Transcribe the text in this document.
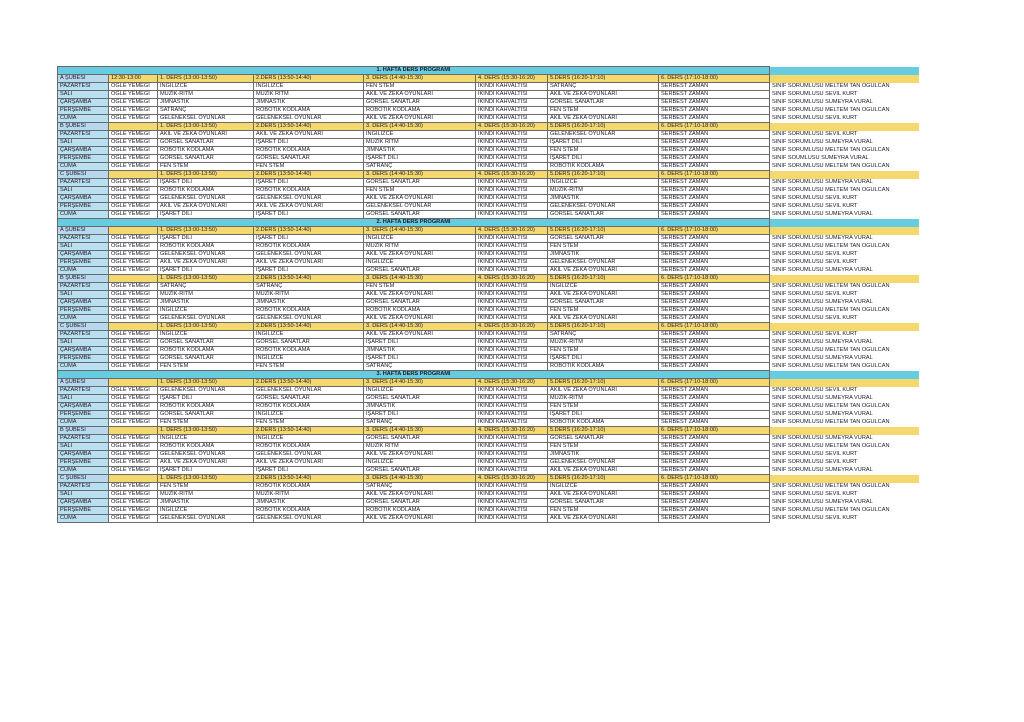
1. HAFTA DERS PROGRAMI								
A ŞUBESİ	12:30-13:00	1. DERS (13:00-13:50)	2.DERS (13:50-14:40)	3. DERS (14:40-15:30)	4. DERS (15:30-16:20)	5.DERS (16:20-17:10)	6. DERS (17:10-18:00)	
PAZARTESİ	ÖĞLE YEMEĞİ	İNGİLİZCE	İNGİLİZCE	FEN STEM	İKİNDİ KAHVALTISI	SATRANÇ	SERBEST ZAMAN	SINIF SORUMLUSU MELTEM TAN OĞULCAN
SALI	ÖĞLE YEMEĞİ	MÜZİK-RİTM	MÜZİK RİTM	AKIL VE ZEKA OYUNLARI	İKİNDİ KAHVALTISI	AKIL VE ZEKA OYUNLARI	SERBEST ZAMAN	SINIF SORUMLUSU SEVİL KURT
ÇARŞAMBA	ÖĞLE YEMEĞİ	JİMNASTİK	JİMNASTİK	GÖRSEL SANATLAR	İKİNDİ KAHVALTISI	GÖRSEL SANATLAR	SERBEST ZAMAN	SINIF SORUMLUSU SÜMEYRA VURAL
PERŞEMBE	ÖĞLE YEMEĞİ	SATRANÇ	ROBOTİK KODLAMA	ROBOTİK KODLAMA	İKİNDİ KAHVALTISI	FEN STEM	SERBEST ZAMAN	SINIF SORUMLUSU MELTEM TAN OĞULCAN
CUMA	ÖĞLE YEMEĞİ	GELENEKSEL OYUNLAR	GELENEKSEL OYUNLAR	AKIL VE ZEKA OYUNLARI	İKİNDİ KAHVALTISI	AKIL VE ZEKA OYUNLARI	SERBEST ZAMAN	SINIF SORUMLUSU SEVİL KURT
B ŞUBESİ		1. DERS (13:00-13:50)	2.DERS (13:50-14:40)	3. DERS (14:40-15:30)	4. DERS (15:30-16:20)	5.DERS (16:20-17:10)	6. DERS (17:10-18:00)	
PAZARTESİ	ÖĞLE YEMEĞİ	AKIL VE ZEKA OYUNLARI	AKIL VE ZEKA OYUNLARI	İNGİLİZCE	İKİNDİ KAHVALTISI	GELENEKSEL OYUNLAR	SERBEST ZAMAN	SINIF SORUMLUSU SEVİL KURT
SALI	ÖĞLE YEMEĞİ	GÖRSEL SANATLAR	İŞARET DİLİ	MÜZİK RİTM	İKİNDİ KAHVALTISI	İŞARET DİLİ	SERBEST ZAMAN	SINIF SORUMLUSU SÜMEYRA VURAL
ÇARŞAMBA	ÖĞLE YEMEĞİ	ROBOTİK KODLAMA	ROBOTİK KODLAMA	JİMNASTİK	İKİNDİ KAHVALTISI	FEN STEM	SERBEST ZAMAN	SINIF SORUMLUSU MELTEM TAN OĞULCAN
PERŞEMBE	ÖĞLE YEMEĞİ	GÖRSEL SANATLAR	GÖRSEL SANATLAR	İŞARET DİLİ	İKİNDİ KAHVALTISI	İŞARET DİLİ	SERBEST ZAMAN	SINIF SOUMLUSU SÜMEYRA VURAL
CUMA	ÖĞLE YEMEĞİ	FEN STEM	FEN STEM	SATRANÇ	İKİNDİ KAHVALTISI	ROBOTİK KODLAMA	SERBEST ZAMAN	SINIF SORUMLUSU MELTEM TAN OĞULCAN
C ŞUBESİ		1. DERS (13:00-13:50)	2.DERS (13:50-14:40)	3. DERS (14:40-15:30)	4. DERS (15:30-16:20)	5.DERS (16:20-17:10)	6. DERS (17:10-18:00)	
PAZARTESİ	ÖĞLE YEMEĞİ	İŞARET DİLİ	İŞARET DİLİ	GÖRSEL SANATLAR	İKİNDİ KAHVALTISI	İNGİLİZCE	SERBEST ZAMAN	SINIF SORUMLUSU SÜMEYRA VURAL
SALI	ÖĞLE YEMEĞİ	ROBOTİK KODLAMA	ROBOTİK KODLAMA	FEN STEM	İKİNDİ KAHVALTISI	MÜZİK-RİTM	SERBEST ZAMAN	SINIF SORUMLUSU MELTEM TAN OĞULCAN
ÇARŞAMBA	ÖĞLE YEMEĞİ	GELENEKSEL OYUNLAR	GELENEKSEL OYUNLAR	AKIL VE ZEKA OYUNLARI	İKİNDİ KAHVALTISI	JİMNASTİK	SERBEST ZAMAN	SINIF SORUMLUSU SEVİL KURT
PERŞEMBE	ÖĞLE YEMEĞİ	AKIL VE ZEKA OYUNLARI	AKIL VE ZEKA OYUNLARI	GELENEKSEL OYUNLAR	İKİNDİ KAHVALTISI	GELENEKSEL OYUNLAR	SERBEST ZAMAN	SINIF SORUMLUSU SEVİL KURT
CUMA	ÖĞLE YEMEĞİ	İŞARET DİLİ	İŞARET DİLİ	GÖRSEL SANATLAR	İKİNDİ KAHVALTISI	GÖRSEL SANATLAR	SERBEST ZAMAN	SINIF SORUMLUSU SÜMEYRA VURAL
2. HAFTA DERS PROGRAMI								
A ŞUBESİ		1. DERS (13:00-13:50)	2.DERS (13:50-14:40)	3. DERS (14:40-15:30)	4. DERS (15:30-16:20)	5.DERS (16:20-17:10)	6. DERS (17:10-18:00)	
PAZARTESİ	ÖĞLE YEMEĞİ	İŞARET DİLİ	İŞARET DİLİ	İNGİLİZCE	İKİNDİ KAHVALTISI	GÖRSEL SANATLAR	SERBEST ZAMAN	SINIF SORUMLUSU SÜMEYRA VURAL
SALI	ÖĞLE YEMEĞİ	ROBOTİK KODLAMA	ROBOTİK KODLAMA	MÜZİK RİTM	İKİNDİ KAHVALTISI	FEN STEM	SERBEST ZAMAN	SINIF SORUMLUSU MELTEM TAN OĞULCAN
ÇARŞAMBA	ÖĞLE YEMEĞİ	GELENEKSEL OYUNLAR	GELENEKSEL OYUNLAR	AKIL VE ZEKA OYUNLARI	İKİNDİ KAHVALTISI	JİMNASTİK	SERBEST ZAMAN	SINIF SORUMLUSU SEVİL KURT
PERŞEMBE	ÖĞLE YEMEĞİ	AKIL VE ZEKA OYUNLARI	AKIL VE ZEKA OYUNLARI	İNGİLİZCE	İKİNDİ KAHVALTISI	GELENEKSEL OYUNLAR	SERBEST ZAMAN	SINIF SORUMLUSU SEVİL KURT
CUMA	ÖĞLE YEMEĞİ	İŞARET DİLİ	İŞARET DİLİ	GÖRSEL SANATLAR	İKİNDİ KAHVALTISI	AKIL VE ZEKA OYUNLARI	SERBEST ZAMAN	SINIF SORUMLUSU SÜMEYRA VURAL
B ŞUBESİ		1. DERS (13:00-13:50)	2.DERS (13:50-14:40)	3. DERS (14:40-15:30)	4. DERS (15:30-16:20)	5.DERS (16:20-17:10)	6. DERS (17:10-18:00)	
PAZARTESİ	ÖĞLE YEMEĞİ	SATRANÇ	SATRANÇ	FEN STEM	İKİNDİ KAHVALTISI	İNGİLİZCE	SERBEST ZAMAN	SINIF SORUMLUSU MELTEM TAN OĞULCAN
SALI	ÖĞLE YEMEĞİ	MÜZİK-RİTM	MÜZİK-RİTM	AKIL VE ZEKA OYUNLARI	İKİNDİ KAHVALTISI	AKIL VE ZEKA OYUNLARI	SERBEST ZAMAN	SINIF SORUMLUSU SEVİL KURT
ÇARŞAMBA	ÖĞLE YEMEĞİ	JİMNASTİK	JİMNASTİK	GÖRSEL SANATLAR	İKİNDİ KAHVALTISI	GÖRSEL SANATLAR	SERBEST ZAMAN	SINIF SORUMLUSU SÜMEYRA VURAL
PERŞEMBE	ÖĞLE YEMEĞİ	İNGİLİZCE	ROBOTİK KODLAMA	ROBOTİK KODLAMA	İKİNDİ KAHVALTISI	FEN STEM	SERBEST ZAMAN	SINIF SORUMLUSU MELTEM TAN OĞULCAN
CUMA	ÖĞLE YEMEĞİ	GELENEKSEL OYUNLAR	GELENEKSEL OYUNLAR	AKIL VE ZEKA OYUNLARI	İKİNDİ KAHVALTISI	AKIL VE ZEKA OYUNLARI	SERBEST ZAMAN	SINIF SORUMLUSU SEVİL KURT
C ŞUBESİ		1. DERS (13:00-13:50)	2.DERS (13:50-14:40)	3. DERS (14:40-15:30)	4. DERS (15:30-16:20)	5.DERS (16:20-17:10)	6. DERS (17:10-18:00)	
PAZARTESİ	ÖĞLE YEMEĞİ	İNGİLİZCE	İNGİLİZCE	AKIL VE ZEKA OYUNLARI	İKİNDİ KAHVALTISI	SATRANÇ	SERBEST ZAMAN	SINIF SORUMLUSU SEVİL KURT
SALI	ÖĞLE YEMEĞİ	GÖRSEL SANATLAR	GÖRSEL SANATLAR	İŞARET DİLİ	İKİNDİ KAHVALTISI	MÜZİK-RİTM	SERBEST ZAMAN	SINIF SORUMLUSU SÜMEYRA VURAL
ÇARŞAMBA	ÖĞLE YEMEĞİ	ROBOTİK KODLAMA	ROBOTİK KODLAMA	JİMNASTİK	İKİNDİ KAHVALTISI	FEN STEM	SERBEST ZAMAN	SINIF SORUMLUSU MELTEM TAN OĞULCAN
PERŞEMBE	ÖĞLE YEMEĞİ	GÖRSEL SANATLAR	İNGİLİZCE	İŞARET DİLİ	İKİNDİ KAHVALTISI	İŞARET DİLİ	SERBEST ZAMAN	SINIF SORUMLUSU SÜMEYRA VURAL
CUMA	ÖĞLE YEMEĞİ	FEN STEM	FEN STEM	SATRANÇ	İKİNDİ KAHVALTISI	ROBOTİK KODLAMA	SERBEST ZAMAN	SINIF SORUMLUSU MELTEM TAN OĞULCAN
3. HAFTA DERS PROGRAMI								
A ŞUBESİ		1. DERS (13:00-13:50)	2.DERS (13:50-14:40)	3. DERS (14:40-15:30)	4. DERS (15:30-16:20)	5.DERS (16:20-17:10)	6. DERS (17:10-18:00)	
PAZARTESİ	ÖĞLE YEMEĞİ	GELENEKSEL OYUNLAR	GELENEKSEL OYUNLAR	İNGİLİZCE	İKİNDİ KAHVALTISI	AKIL VE ZEKA OYUNLARI	SERBEST ZAMAN	SINIF SORUMLUSU SEVİL KURT
SALI	ÖĞLE YEMEĞİ	İŞARET DİLİ	GÖRSEL SANATLAR	GÖRSEL SANATLAR	İKİNDİ KAHVALTISI	MÜZİK-RİTM	SERBEST ZAMAN	SINIF SORUMLUSU SÜMEYRA VURAL
ÇARŞAMBA	ÖĞLE YEMEĞİ	ROBOTİK KODLAMA	ROBOTİK KODLAMA	JİMNASTİK	İKİNDİ KAHVALTISI	FEN STEM	SERBEST ZAMAN	SINIF SORUMLUSU MELTEM TAN OĞULCAN
PERŞEMBE	ÖĞLE YEMEĞİ	GÖRSEL SANATLAR	İNGİLİZCE	İŞARET DİLİ	İKİNDİ KAHVALTISI	İŞARET DİLİ	SERBEST ZAMAN	SINIF SORUMLUSU SÜMEYRA VURAL
CUMA	ÖĞLE YEMEĞİ	FEN STEM	FEN STEM	SATRANÇ	İKİNDİ KAHVALTISI	ROBOTİK KODLAMA	SERBEST ZAMAN	SINIF SORUMLUSU MELTEM TAN OĞULCAN
B ŞUBESİ		1. DERS (13:00-13:50)	2.DERS (13:50-14:40)	3. DERS (14:40-15:30)	4. DERS (15:30-16:20)	5.DERS (16:20-17:10)	6. DERS (17:10-18:00)	
PAZARTESİ	ÖĞLE YEMEĞİ	İNGİLİZCE	İNGİLİZCE	GÖRSEL SANATLAR	İKİNDİ KAHVALTISI	GÖRSEL SANATLAR	SERBEST ZAMAN	SINIF SORUMLUSU SÜMEYRA VURAL
SALI	ÖĞLE YEMEĞİ	ROBOTİK KODLAMA	ROBOTİK KODLAMA	MÜZİK RİTM	İKİNDİ KAHVALTISI	FEN STEM	SERBEST ZAMAN	SINIF SORUMLUSU MELTEM TAN OĞULCAN
ÇARŞAMBA	ÖĞLE YEMEĞİ	GELENEKSEL OYUNLAR	GELENEKSEL OYUNLAR	AKIL VE ZEKA OYUNLARI	İKİNDİ KAHVALTISI	JİMNASTİK	SERBEST ZAMAN	SINIF SORUMLUSU SEVİL KURT
PERŞEMBE	ÖĞLE YEMEĞİ	AKIL VE ZEKA OYUNLARI	AKIL VE ZEKA OYUNLARI	İNGİLİZCE	İKİNDİ KAHVALTISI	GELENEKSEL OYUNLAR	SERBEST ZAMAN	SINIF SORUMLUSU SEVİL KURT
CUMA	ÖĞLE YEMEĞİ	İŞARET DİLİ	İŞARET DİLİ	GÖRSEL SANATLAR	İKİNDİ KAHVALTISI	AKIL VE ZEKA OYUNLARI	SERBEST ZAMAN	SINIF SORUMLUSU SÜMEYRA VURAL
C ŞUBESİ		1. DERS (13:00-13:50)	2.DERS (13:50-14:40)	3. DERS (14:40-15:30)	4. DERS (15:30-16:20)	5.DERS (16:20-17:10)	6. DERS (17:10-18:00)	
PAZARTESİ	ÖĞLE YEMEĞİ	FEN STEM	ROBOTİK KODLAMA	SATRANÇ	İKİNDİ KAHVALTISI	İNGİLİZCE	SERBEST ZAMAN	SINIF SORUMLUSU MELTEM TAN OĞULCAN
SALI	ÖĞLE YEMEĞİ	MÜZİK-RİTM	MÜZİK-RİTM	AKIL VE ZEKA OYUNLARI	İKİNDİ KAHVALTISI	AKIL VE ZEKA OYUNLARI	SERBEST ZAMAN	SINIF SORUMLUSU SEVİL KURT
ÇARŞAMBA	ÖĞLE YEMEĞİ	JİMNASTİK	JİMNASTİK	GÖRSEL SANATLAR	İKİNDİ KAHVALTISI	GÖRSEL SANATLAR	SERBEST ZAMAN	SINIF SORUMLUSU SÜMEYRA VURAL
PERŞEMBE	ÖĞLE YEMEĞİ	İNGİLİZCE	ROBOTİK KODLAMA	ROBOTİK KODLAMA	İKİNDİ KAHVALTISI	FEN STEM	SERBEST ZAMAN	SINIF SORUMLUSU MELTEM TAN OĞULCAN
CUMA	ÖĞLE YEMEĞİ	GELENEKSEL OYUNLAR	GELENEKSEL OYUNLAR	AKIL VE ZEKA OYUNLARI	İKİNDİ KAHVALTISI	AKIL VE ZEKA OYUNLARI	SERBEST ZAMAN	SINIF SORUMLUSU SEVİL KURT
